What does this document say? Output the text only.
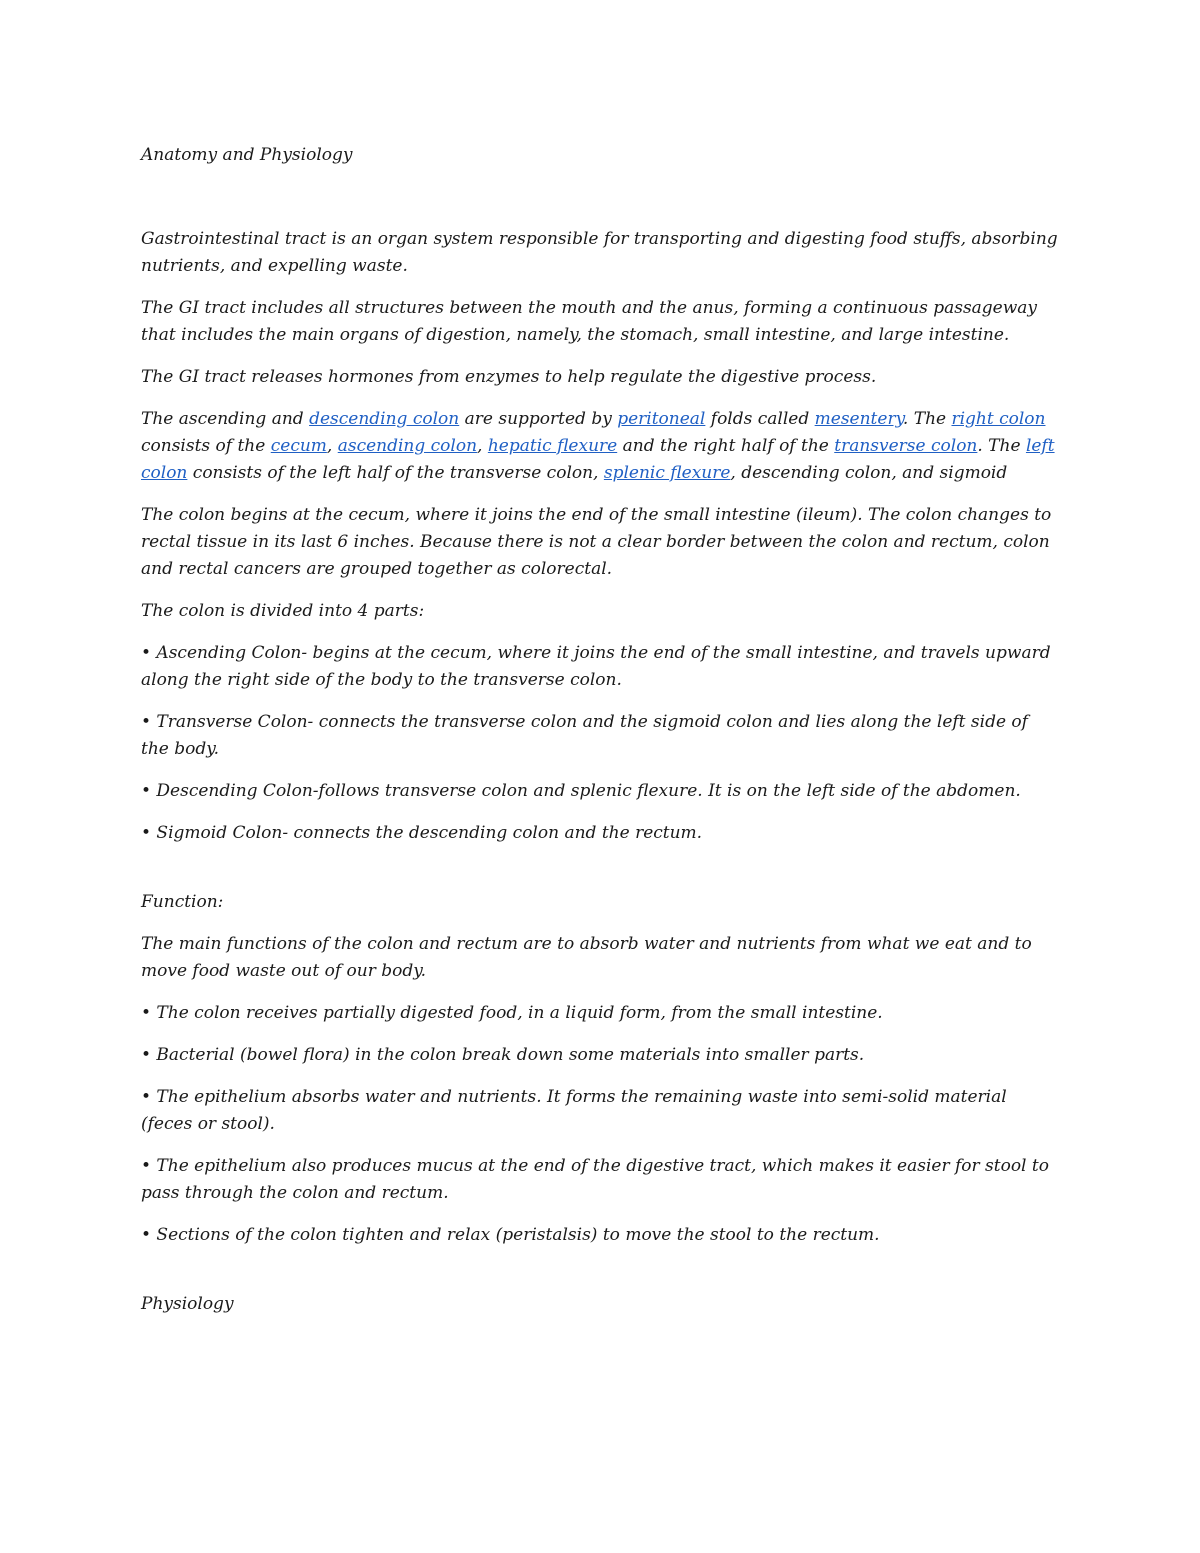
Anatomy and Physiology

Gastrointestinal tract is an organ system responsible for transporting and digesting food stuffs, absorbing nutrients, and expelling waste.

The GI tract includes all structures between the mouth and the anus, forming a continuous passageway that includes the main organs of digestion, namely, the stomach, small intestine, and large intestine.

The GI tract releases hormones from enzymes to help regulate the digestive process.

The ascending and descending colon are supported by peritoneal folds called mesentery. The right colon consists of the cecum, ascending colon, hepatic flexure and the right half of the transverse colon. The left colon consists of the left half of the transverse colon, splenic flexure, descending colon, and sigmoid

The colon begins at the cecum, where it joins the end of the small intestine (ileum). The colon changes to rectal tissue in its last 6 inches. Because there is not a clear border between the colon and rectum, colon and rectal cancers are grouped together as colorectal.

The colon is divided into 4 parts:

• Ascending Colon- begins at the cecum, where it joins the end of the small intestine, and travels upward along the right side of the body to the transverse colon.

• Transverse Colon- connects the transverse colon and the sigmoid colon and lies along the left side of the body.

• Descending Colon-follows transverse colon and splenic flexure. It is on the left side of the abdomen.

• Sigmoid Colon- connects the descending colon and the rectum.

Function:

The main functions of the colon and rectum are to absorb water and nutrients from what we eat and to move food waste out of our body.

• The colon receives partially digested food, in a liquid form, from the small intestine.

• Bacterial (bowel flora) in the colon break down some materials into smaller parts.

• The epithelium absorbs water and nutrients. It forms the remaining waste into semi-solid material (feces or stool).

• The epithelium also produces mucus at the end of the digestive tract, which makes it easier for stool to pass through the colon and rectum.

• Sections of the colon tighten and relax (peristalsis) to move the stool to the rectum.

Physiology
